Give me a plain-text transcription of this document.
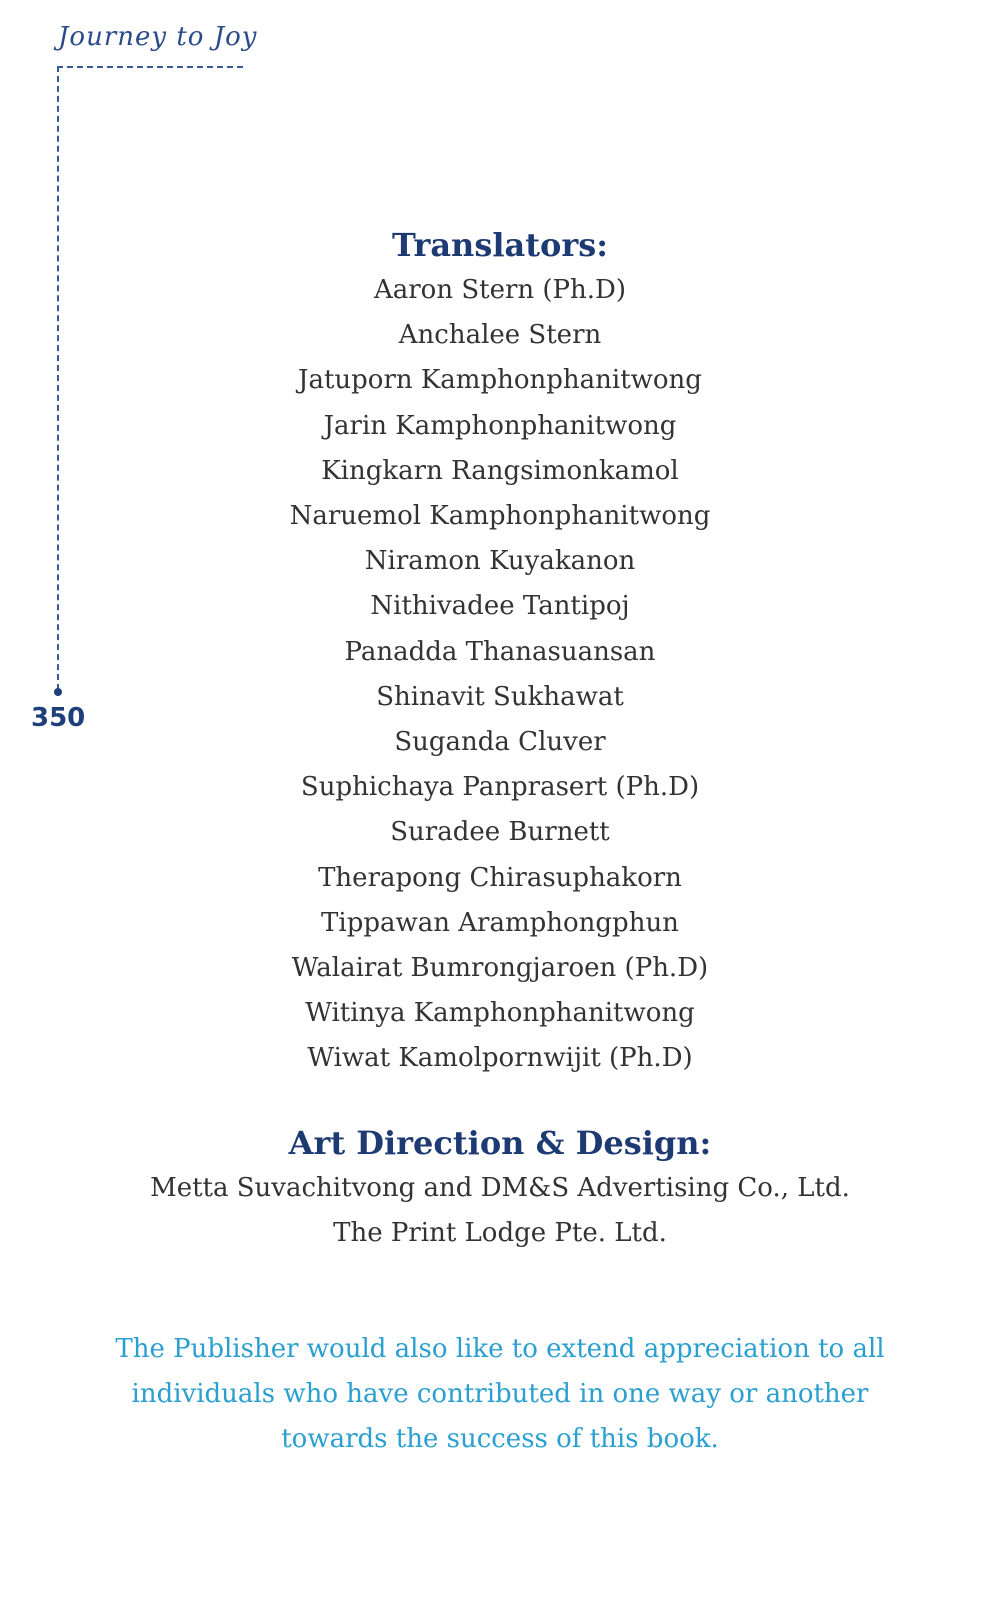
Journey to Joy
350
Translators:
Aaron Stern (Ph.D)
Anchalee Stern
Jatuporn Kamphonphanitwong
Jarin Kamphonphanitwong
Kingkarn Rangsimonkamol
Naruemol Kamphonphanitwong
Niramon Kuyakanon
Nithivadee Tantipoj
Panadda Thanasuansan
Shinavit Sukhawat
Suganda Cluver
Suphichaya Panprasert (Ph.D)
Suradee Burnett
Therapong Chirasuphakorn
Tippawan Aramphongphun
Walairat Bumrongjaroen (Ph.D)
Witinya Kamphonphanitwong
Wiwat Kamolpornwijit (Ph.D)
Art Direction & Design:
Metta Suvachitvong and DM&S Advertising Co., Ltd.
The Print Lodge Pte. Ltd.

The Publisher would also like to extend appreciation to all individuals who have contributed in one way or another towards the success of this book.
